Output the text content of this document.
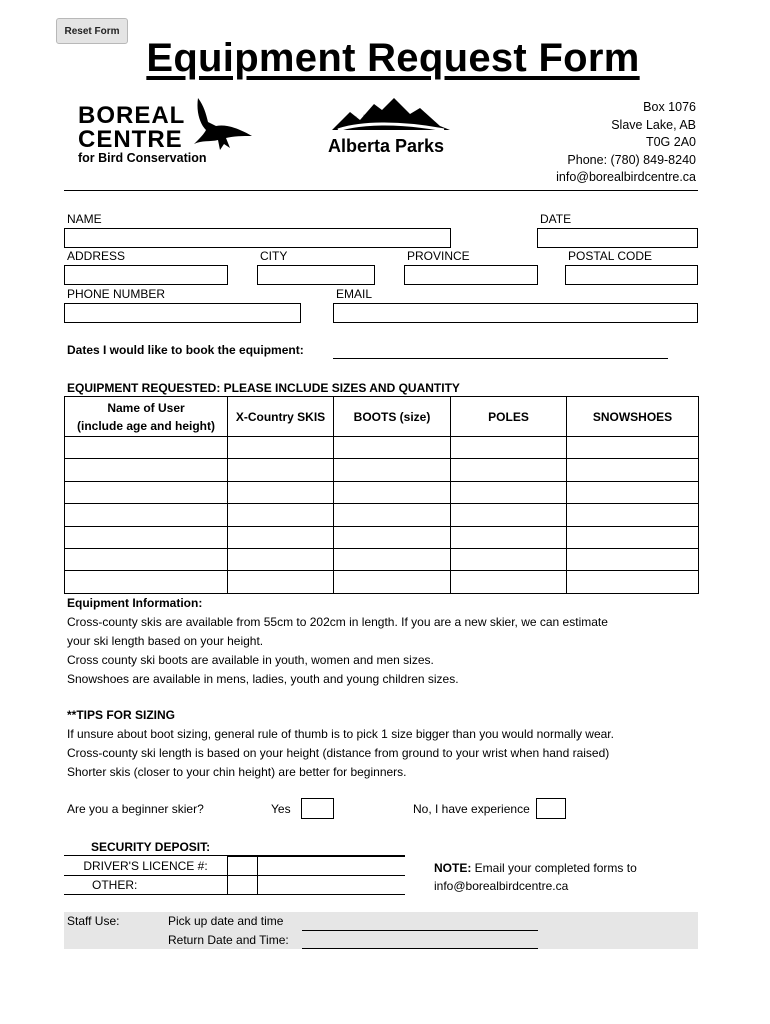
Reset Form
Equipment Request Form
BOREAL
CENTRE
for Bird Conservation
Alberta Parks
Box 1076
Slave Lake, AB
T0G 2A0
Phone: (780) 849-8240
info@borealbirdcentre.ca
NAME	DATE
ADDRESS	CITY	PROVINCE	POSTAL CODE
PHONE NUMBER	EMAIL
Dates I would like to book the equipment:
EQUIPMENT REQUESTED: PLEASE INCLUDE SIZES AND QUANTITY
Name of User
(include age and height)	X-Country SKIS	BOOTS (size)	POLES	SNOWSHOES

Equipment Information:
Cross-county skis are available from 55cm to 202cm in length. If you are a new skier, we can estimate
your ski length based on your height.
Cross county ski boots are available in youth, women and men sizes.
Snowshoes are available in mens, ladies, youth and young children sizes.
**TIPS FOR SIZING
If unsure about boot sizing, general rule of thumb is to pick 1 size bigger than you would normally wear.
Cross-county ski length is based on your height (distance from ground to your wrist when hand raised)
Shorter skis (closer to your chin height) are better for beginners.
Are you a beginner skier?	Yes	No, I have experience
SECURITY DEPOSIT:
DRIVER'S LICENCE #:		
OTHER:		
NOTE: Email your completed forms to
info@borealbirdcentre.ca
Staff Use:	Pick up date and time
Return Date and Time:
